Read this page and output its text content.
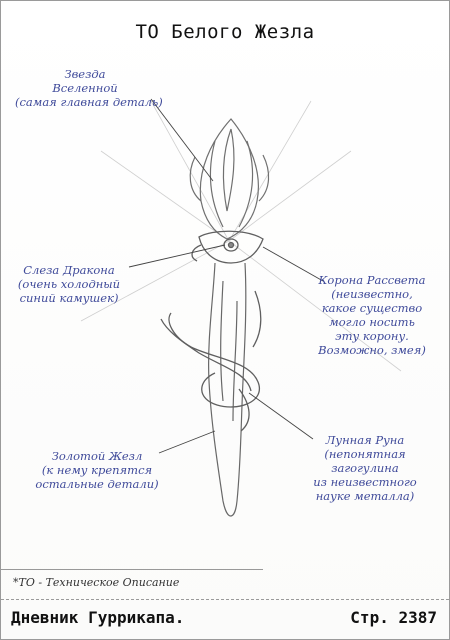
ТО Белого Жезла
Звезда
Вселенной
(самая главная деталь)
Слеза Дракона
(очень холодный
синий камушек)
Корона Рассвета
(неизвестно,
какое существо
могло носить
эту корону.
Возможно, змея)
Золотой Жезл
(к нему крепятся
остальные детали)
Лунная Руна
(непонятная
загогулина
из неизвестного
науке металла)
*ТО - Техническое Описание
Дневник Гуррикапа.	Стр. 2387
